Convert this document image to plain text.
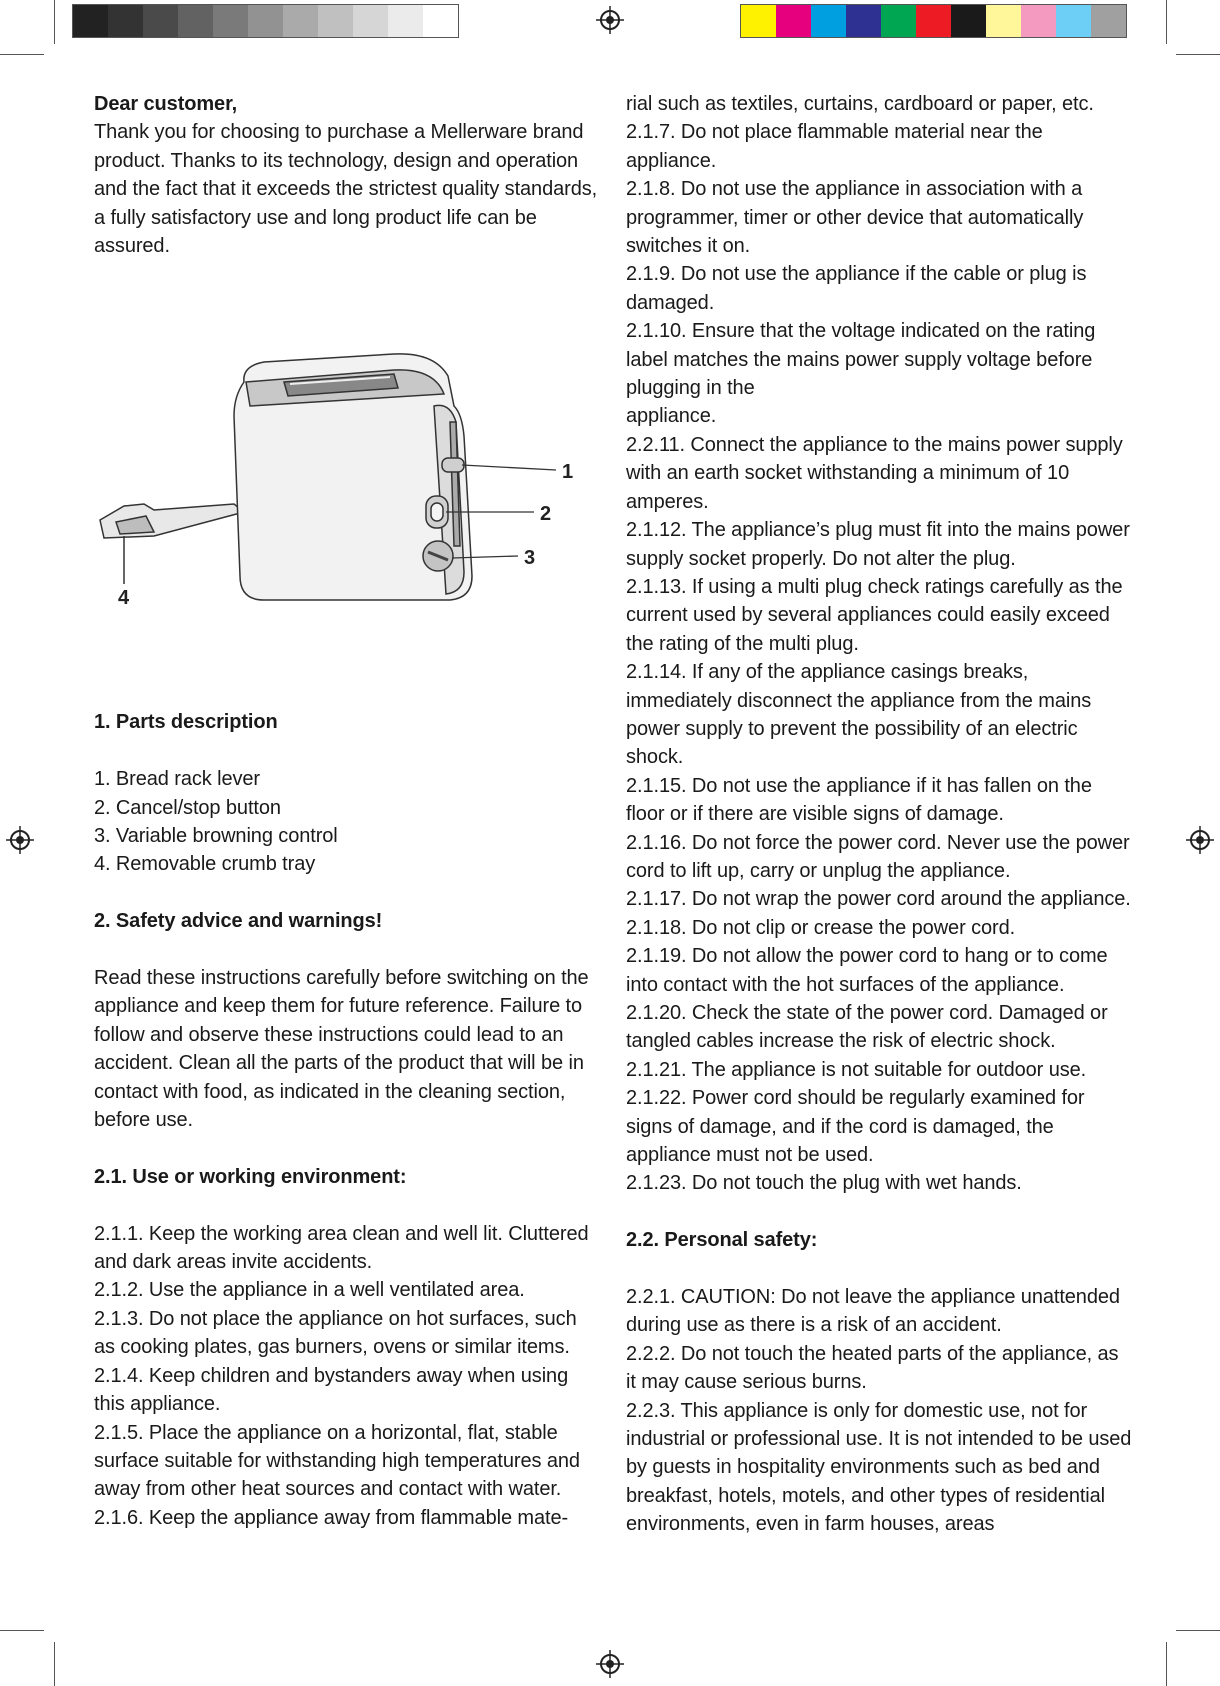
Dear customer,

Thank you for choosing to purchase a Mellerware brand product. Thanks to its technology, design and operation and the fact that it exceeds the strictest quality standards, a fully satisfactory use and long product life can be assured.

1
2
3
4
1. Parts description

1. Bread rack lever

2. Cancel/stop button

3. Variable browning control

4. Removable crumb tray

2. Safety advice and warnings!

Read these instructions carefully before switching on the appliance and keep them for future reference. Failure to follow and observe these instructions could lead to an accident. Clean all the parts of the product that will be in contact with food, as indicated in the cleaning section, before use.

2.1. Use or working environment:

2.1.1. Keep the working area clean and well lit. Cluttered and dark areas invite accidents.

2.1.2. Use the appliance in a well ventilated area.

2.1.3. Do not place the appliance on hot surfaces, such as cooking plates, gas burners, ovens or similar items.

2.1.4. Keep children and bystanders away when using this appliance.

2.1.5. Place the appliance on a horizontal, flat, stable surface suitable for withstanding high temperatures and away from other heat sources and contact with water.

2.1.6. Keep the appliance away from flammable mate-

rial such as textiles, curtains, cardboard or paper, etc.

2.1.7. Do not place flammable material near the appliance.

2.1.8. Do not use the appliance in association with a programmer, timer or other device that automatically switches it on.

2.1.9. Do not use the appliance if the cable or plug is damaged.

2.1.10. Ensure that the voltage indicated on the rating label matches the mains power supply voltage before plugging in the

appliance.

2.2.11. Connect the appliance to the mains power supply with an earth socket withstanding a minimum of 10 amperes.

2.1.12. The appliance’s plug must fit into the mains power supply socket properly. Do not alter the plug.

2.1.13. If using a multi plug check ratings carefully as the current used by several appliances could easily exceed the rating of the multi plug.

2.1.14. If any of the appliance casings breaks, immediately disconnect the appliance from the mains power supply to prevent the possibility of an electric shock.

2.1.15. Do not use the appliance if it has fallen on the floor or if there are visible signs of damage.

2.1.16. Do not force the power cord. Never use the power cord to lift up, carry or unplug the appliance.

2.1.17. Do not wrap the power cord around the appliance.

2.1.18. Do not clip or crease the power cord.

2.1.19. Do not allow the power cord to hang or to come into contact with the hot surfaces of the appliance.

2.1.20. Check the state of the power cord. Damaged or tangled cables increase the risk of electric shock.

2.1.21. The appliance is not suitable for outdoor use.

2.1.22. Power cord should be regularly examined for signs of damage, and if the cord is damaged, the appliance must not be used.

2.1.23. Do not touch the plug with wet hands.

2.2. Personal safety:

2.2.1. CAUTION: Do not leave the appliance unattended during use as there is a risk of an accident.

2.2.2. Do not touch the heated parts of the appliance, as it may cause serious burns.

2.2.3. This appliance is only for domestic use, not for industrial or professional use. It is not intended to be used by guests in hospitality environments such as bed and breakfast, hotels, motels, and other types of residential environments, even in farm houses, areas
